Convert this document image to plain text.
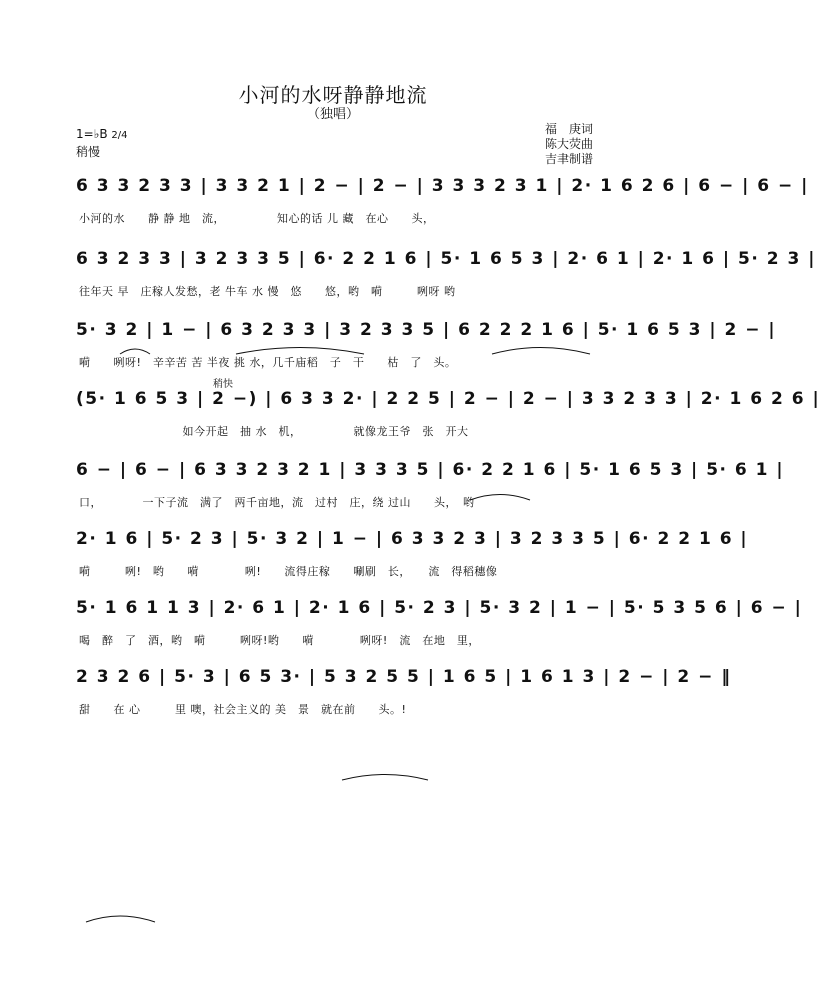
小河的水呀静静地流
（独唱）
1=♭B 2/4
稍慢
福　庚词
陈大荧曲
吉聿制谱
6 3 3 2 3 3 | 3 3 2 1 | 2 − | 2 − | 3 3 3 2 3 1 | 2· 1 6 2 6 | 6 − | 6 − |
小河的水　　静 静 地　流，　　　　　知心的话 儿 藏　在心　　头，
6 3 2 3 3 | 3 2 3 3 5 | 6· 2 2 1 6 | 5· 1 6 5 3 | 2· 6 1 | 2· 1 6 | 5· 2 3 |
往年天 早　庄稼人发愁，老 牛车 水 慢　悠　　悠，哟　嗬　　　咧呀 哟
5· 3 2 | 1 − | 6 3 2 3 3 | 3 2 3 3 5 | 6 2 2 2 1 6 | 5· 1 6 5 3 | 2 − |
嗬　　咧呀!　辛辛苦 苦 半夜 挑 水，几千庙稻　子　干　　枯　了　头。
稍快
(5· 1 6 5 3 | 2 −) | 6 3 3 2· | 2 2 5 | 2 − | 2 − | 3 3 2 3 3 | 2· 1 6 2 6 |
　　　　　　　　　如今开起　抽 水　机，　　　　　就像龙王爷　张　开大
6 − | 6 − | 6 3 3 2 3 2 1 | 3 3 3 5 | 6· 2 2 1 6 | 5· 1 6 5 3 | 5· 6 1 |
口，　　　　一下子流　满了　两千亩地，流　过村　庄，绕 过山　　头，　哟
2· 1 6 | 5· 2 3 | 5· 3 2 | 1 − | 6 3 3 2 3 | 3 2 3 3 5 | 6· 2 2 1 6 |
嗬　　　咧!　哟　　嗬　　　　咧!　　流得庄稼　　唰刷　长，　　流　得稻穗像
5· 1 6 1 1 3 | 2· 6 1 | 2· 1 6 | 5· 2 3 | 5· 3 2 | 1 − | 5· 5 3 5 6 | 6 − |
喝　醉　了　酒，哟　嗬　　　咧呀!哟　　嗬　　　　咧呀!　流　在地　里，
2 3 2 6 | 5· 3 | 6 5 3· | 5 3 2 5 5 | 1 6 5 | 1 6 1 3 | 2 − | 2 − ‖
甜　　在 心　　　里 噢，社会主义的 美　景　就在前　　头。!
